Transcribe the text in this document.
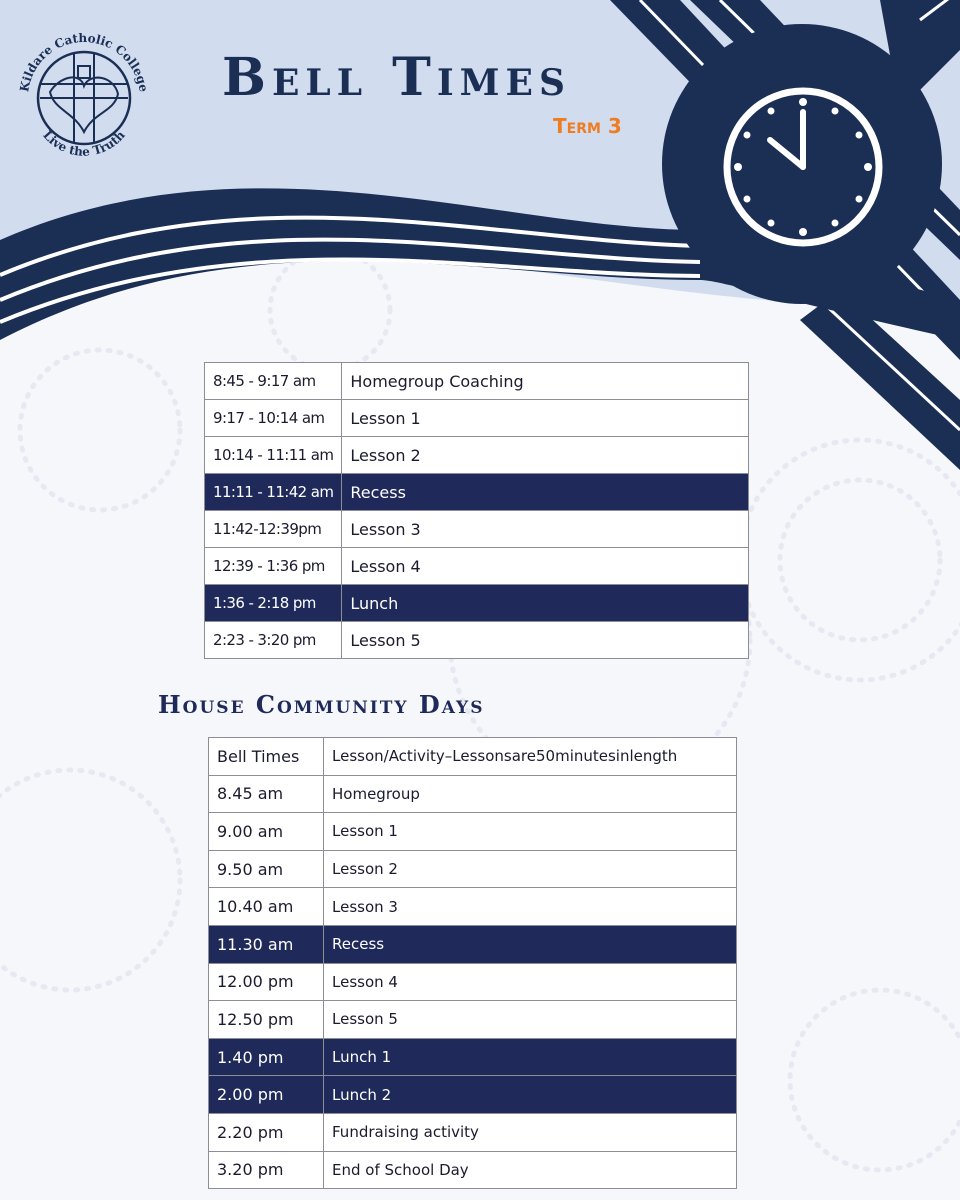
Kildare Catholic College
Live the Truth
Bell Times
Term 3
8:45 - 9:17 am	Homegroup Coaching
9:17 - 10:14 am	Lesson 1
10:14 - 11:11 am	Lesson 2
11:11 - 11:42 am	Recess
11:42-12:39pm	Lesson 3
12:39 - 1:36 pm	Lesson 4
1:36 - 2:18 pm	Lunch
2:23 - 3:20 pm	Lesson 5
House Community Days
Bell Times	Lesson/Activity–Lessonsare50minutesinlength
8.45 am	Homegroup
9.00 am	Lesson 1
9.50 am	Lesson 2
10.40 am	Lesson 3
11.30 am	Recess
12.00 pm	Lesson 4
12.50 pm	Lesson 5
1.40 pm	Lunch 1
2.00 pm	Lunch 2
2.20 pm	Fundraising activity
3.20 pm	End of School Day
